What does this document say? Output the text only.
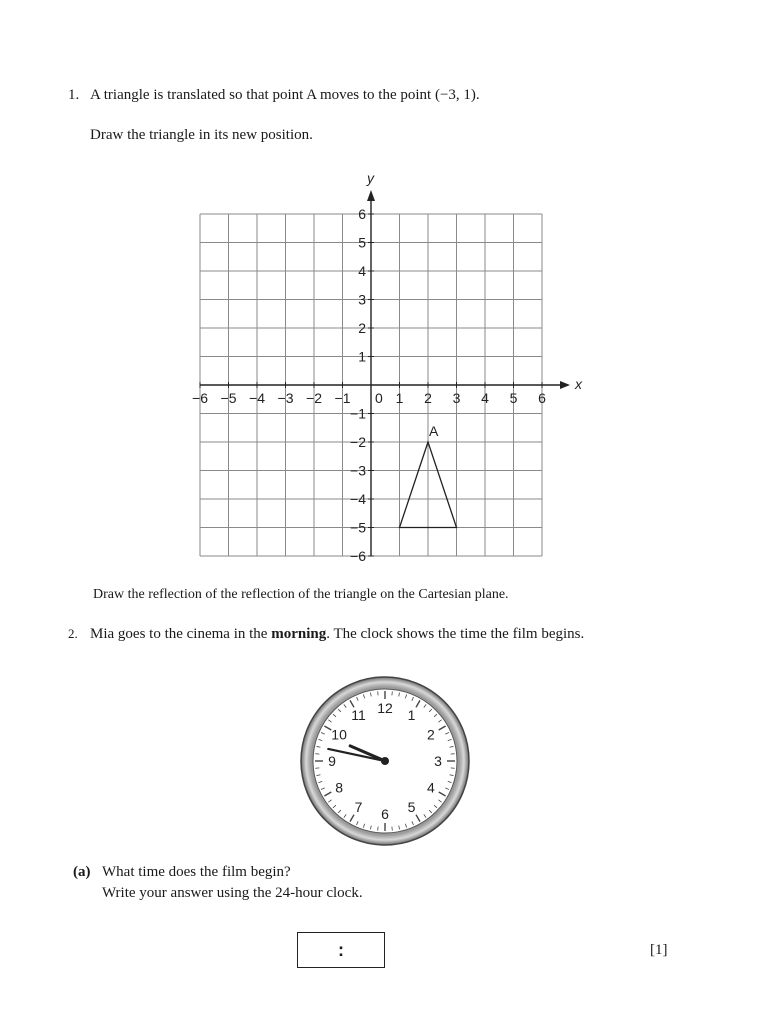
1. A triangle is translated so that point A moves to the point (−3, 1).
Draw the triangle in its new position.
x
y
−6 −5 −4 −3 −2 −1	1 2 3 4 5 6
6
5
4
3
2
1
−1
−2
−3
−4
−5
−6
0
A
Draw the reflection of the reflection of the triangle on the Cartesian plane.
2. Mia goes to the cinema in the morning. The clock shows the time the film begins.
12 1
2
3
4
5
6
7
8
9
10
11
(a) What time does the film begin?
Write your answer using the 24-hour clock.
:	[1]
